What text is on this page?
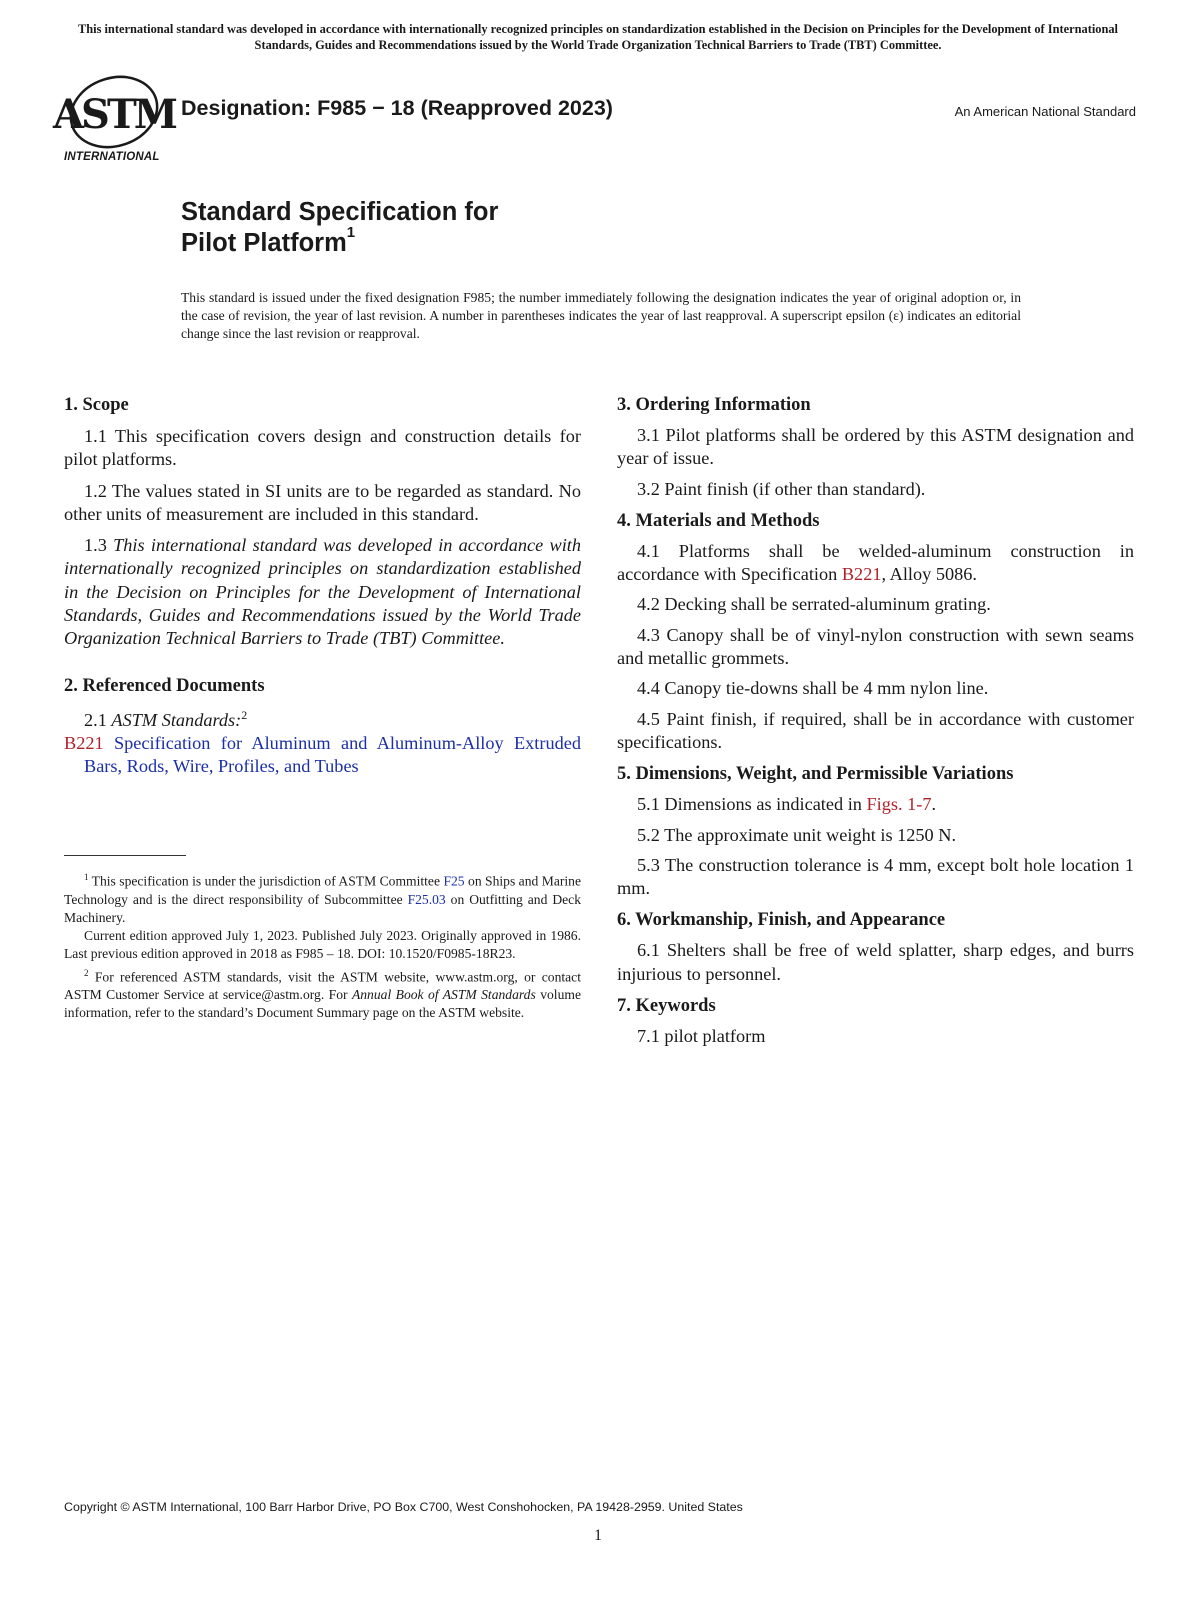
This international standard was developed in accordance with internationally recognized principles on standardization established in the Decision on Principles for the Development of International Standards, Guides and Recommendations issued by the World Trade Organization Technical Barriers to Trade (TBT) Committee.
ASTM
INTERNATIONAL
Designation: F985 − 18 (Reapproved 2023)	An American National Standard
Standard Specification for
Pilot Platform$^1$
This standard is issued under the fixed designation F985; the number immediately following the designation indicates the year of original adoption or, in the case of revision, the year of last revision. A number in parentheses indicates the year of last reapproval. A superscript epsilon (ε) indicates an editorial change since the last revision or reapproval.
1. Scope

1.1 This specification covers design and construction details for pilot platforms.

1.2 The values stated in SI units are to be regarded as standard. No other units of measurement are included in this standard.

1.3 This international standard was developed in accordance with internationally recognized principles on standardization established in the Decision on Principles for the Development of International Standards, Guides and Recommendations issued by the World Trade Organization Technical Barriers to Trade (TBT) Committee.

2. Referenced Documents

2.1 ASTM Standards:$^2$

B221 Specification for Aluminum and Aluminum-Alloy Extruded Bars, Rods, Wire, Profiles, and Tubes

$^1$ This specification is under the jurisdiction of ASTM Committee F25 on Ships and Marine Technology and is the direct responsibility of Subcommittee F25.03 on Outfitting and Deck Machinery.

Current edition approved July 1, 2023. Published July 2023. Originally approved in 1986. Last previous edition approved in 2018 as F985 – 18. DOI: 10.1520/F0985-18R23.

$^2$ For referenced ASTM standards, visit the ASTM website, www.astm.org, or contact ASTM Customer Service at service@astm.org. For Annual Book of ASTM Standards volume information, refer to the standard’s Document Summary page on the ASTM website.

3. Ordering Information

3.1 Pilot platforms shall be ordered by this ASTM designation and year of issue.

3.2 Paint finish (if other than standard).

4. Materials and Methods

4.1 Platforms shall be welded-aluminum construction in accordance with Specification B221, Alloy 5086.

4.2 Decking shall be serrated-aluminum grating.

4.3 Canopy shall be of vinyl-nylon construction with sewn seams and metallic grommets.

4.4 Canopy tie-downs shall be 4 mm nylon line.

4.5 Paint finish, if required, shall be in accordance with customer specifications.

5. Dimensions, Weight, and Permissible Variations

5.1 Dimensions as indicated in Figs. 1-7.

5.2 The approximate unit weight is 1250 N.

5.3 The construction tolerance is 4 mm, except bolt hole location 1 mm.

6. Workmanship, Finish, and Appearance

6.1 Shelters shall be free of weld splatter, sharp edges, and burrs injurious to personnel.

7. Keywords

7.1 pilot platform

Copyright © ASTM International, 100 Barr Harbor Drive, PO Box C700, West Conshohocken, PA 19428-2959. United States
1
